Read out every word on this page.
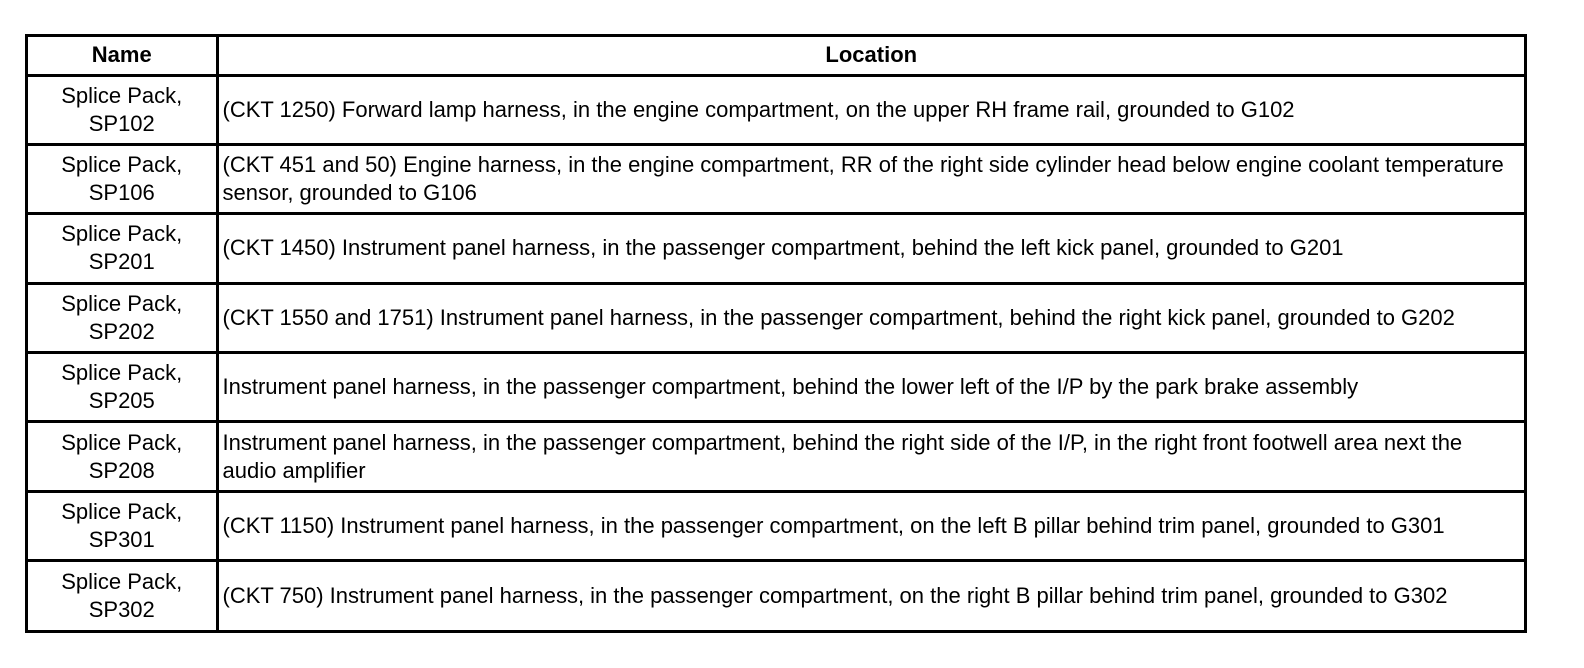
Name	Location

Splice Pack,
SP102	(CKT 1250) Forward lamp harness, in the engine compartment, on the upper RH frame rail, grounded to G102

Splice Pack,
SP106	(CKT 451 and 50) Engine harness, in the engine compartment, RR of the right side cylinder head below engine coolant temperature sensor, grounded to G106

Splice Pack,
SP201	(CKT 1450) Instrument panel harness, in the passenger compartment, behind the left kick panel, grounded to G201

Splice Pack,
SP202	(CKT 1550 and 1751) Instrument panel harness, in the passenger compartment, behind the right kick panel, grounded to G202

Splice Pack,
SP205	Instrument panel harness, in the passenger compartment, behind the lower left of the I/P by the park brake assembly

Splice Pack,
SP208	Instrument panel harness, in the passenger compartment, behind the right side of the I/P, in the right front footwell area next the audio amplifier

Splice Pack,
SP301	(CKT 1150) Instrument panel harness, in the passenger compartment, on the left B pillar behind trim panel, grounded to G301

Splice Pack,
SP302	(CKT 750) Instrument panel harness, in the passenger compartment, on the right B pillar behind trim panel, grounded to G302
